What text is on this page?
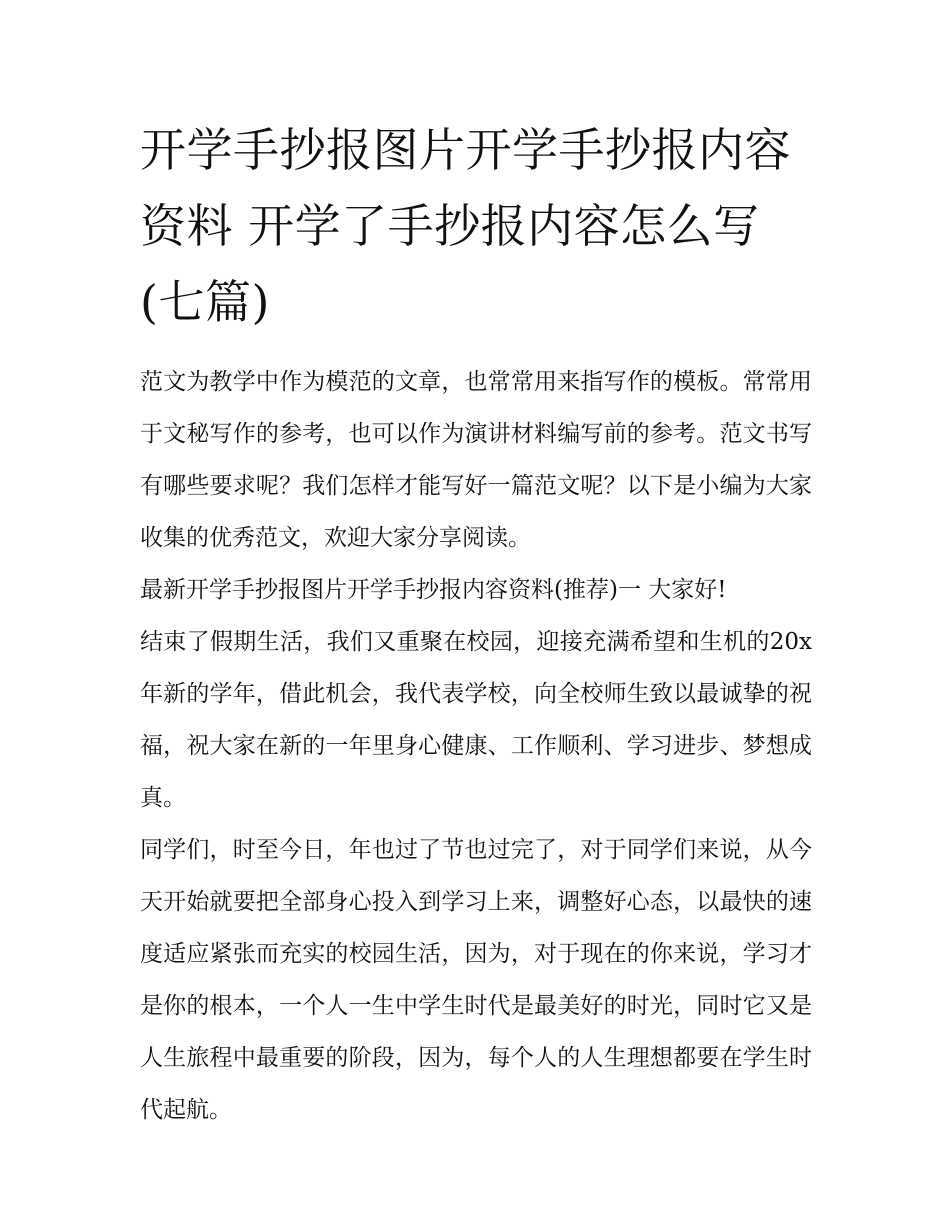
开学手抄报图片开学手抄报内容资料 开学了手抄报内容怎么写(七篇)

范文为教学中作为模范的文章，也常常用来指写作的模板。常常用于文秘写作的参考，也可以作为演讲材料编写前的参考。范文书写有哪些要求呢？我们怎样才能写好一篇范文呢？以下是小编为大家收集的优秀范文，欢迎大家分享阅读。

最新开学手抄报图片开学手抄报内容资料(推荐)一 大家好!

结束了假期生活，我们又重聚在校园，迎接充满希望和生机的20x 年新的学年，借此机会，我代表学校，向全校师生致以最诚挚的祝福，祝大家在新的一年里身心健康、工作顺利、学习进步、梦想成真。

同学们，时至今日，年也过了节也过完了，对于同学们来说，从今天开始就要把全部身心投入到学习上来，调整好心态，以最快的速度适应紧张而充实的校园生活，因为，对于现在的你来说，学习才是你的根本，一个人一生中学生时代是最美好的时光，同时它又是人生旅程中最重要的阶段，因为，每个人的人生理想都要在学生时代起航。
